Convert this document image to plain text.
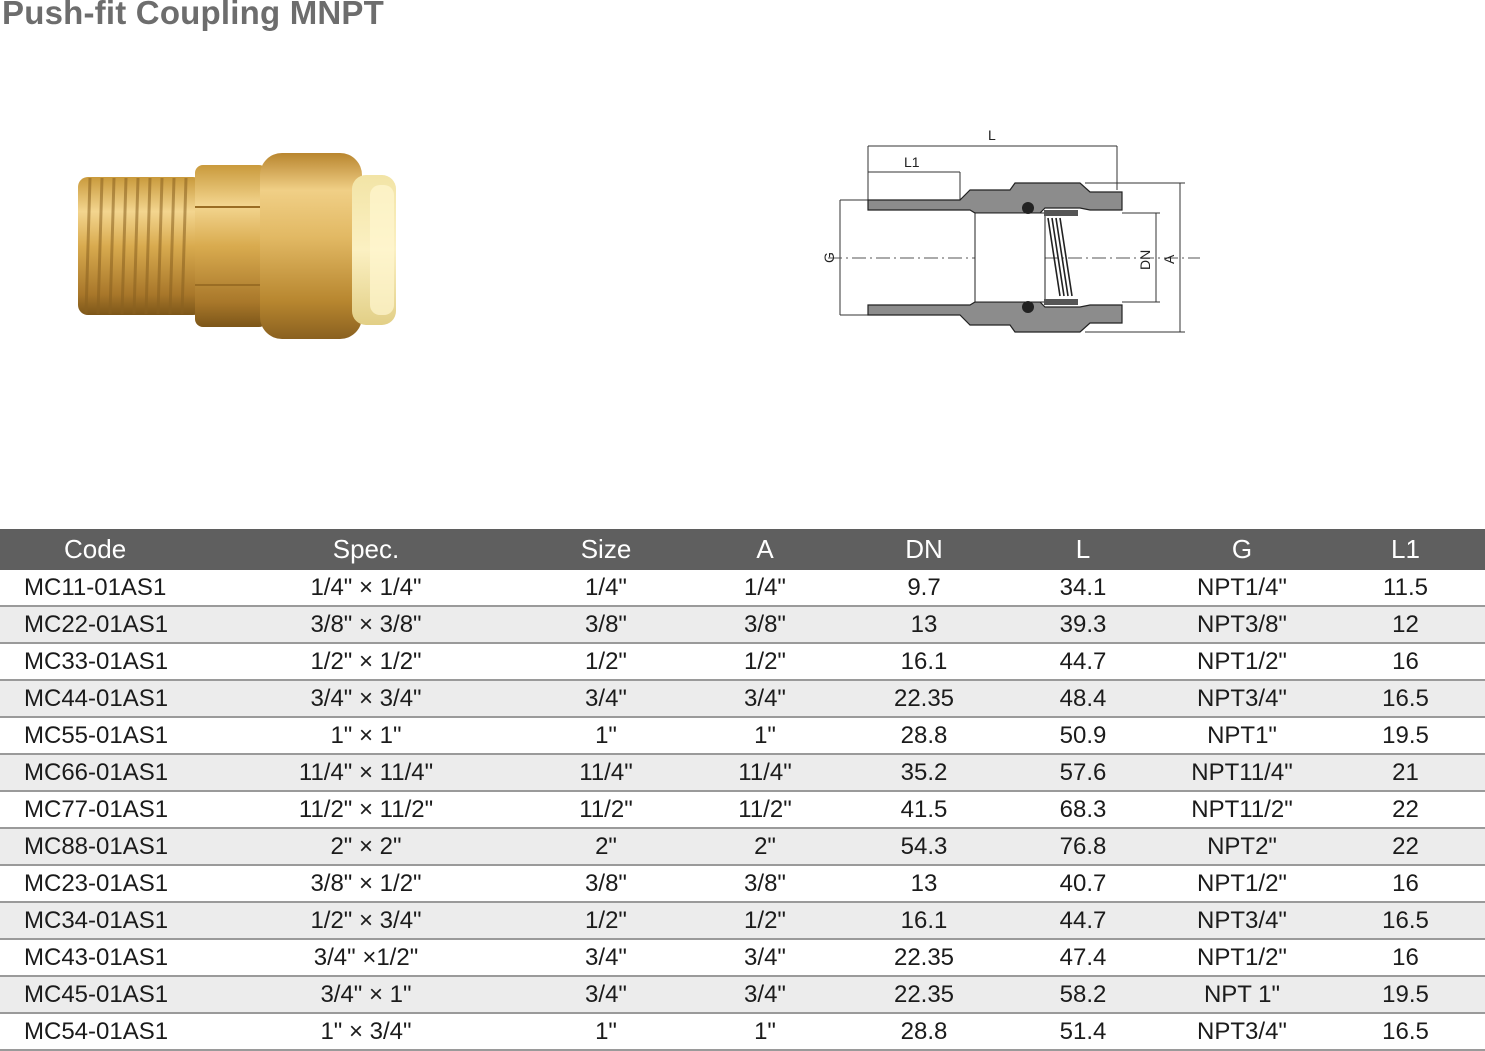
Push-fit Coupling MNPT
L
L1
G	DN A
Code	Spec.	Size	A	DN	L	G	L1
MC11-01AS1	1/4" × 1/4"	1/4"	1/4"	9.7	34.1	NPT1/4"	11.5
MC22-01AS1	3/8" × 3/8"	3/8"	3/8"	13	39.3	NPT3/8"	12
MC33-01AS1	1/2" × 1/2"	1/2"	1/2"	16.1	44.7	NPT1/2"	16
MC44-01AS1	3/4" × 3/4"	3/4"	3/4"	22.35	48.4	NPT3/4"	16.5
MC55-01AS1	1" × 1"	1"	1"	28.8	50.9	NPT1"	19.5
MC66-01AS1	11/4" × 11/4"	11/4"	11/4"	35.2	57.6	NPT11/4"	21
MC77-01AS1	11/2" × 11/2"	11/2"	11/2"	41.5	68.3	NPT11/2"	22
MC88-01AS1	2" × 2"	2"	2"	54.3	76.8	NPT2"	22
MC23-01AS1	3/8" × 1/2"	3/8"	3/8"	13	40.7	NPT1/2"	16
MC34-01AS1	1/2" × 3/4"	1/2"	1/2"	16.1	44.7	NPT3/4"	16.5
MC43-01AS1	3/4" ×1/2"	3/4"	3/4"	22.35	47.4	NPT1/2"	16
MC45-01AS1	3/4" × 1"	3/4"	3/4"	22.35	58.2	NPT 1"	19.5
MC54-01AS1	1" × 3/4"	1"	1"	28.8	51.4	NPT3/4"	16.5
